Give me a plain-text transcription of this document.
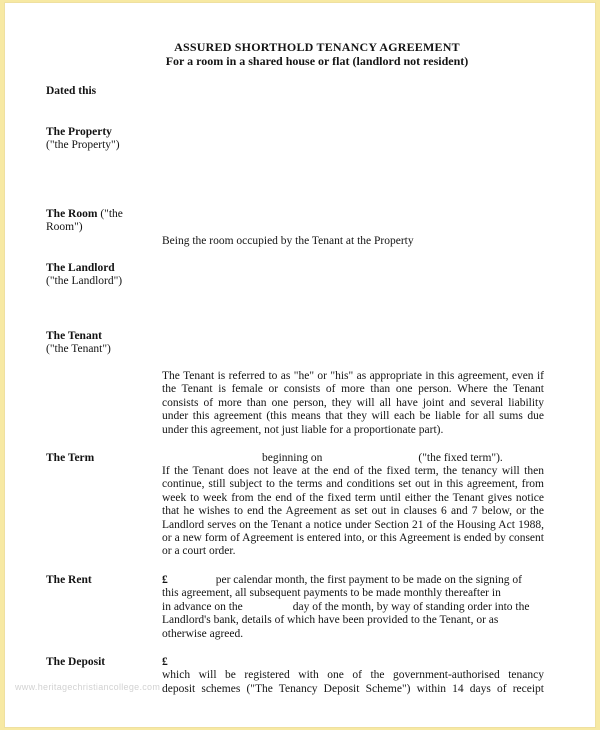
ASSURED SHORTHOLD TENANCY AGREEMENT
For a room in a shared house or flat (landlord not resident)
Dated this
The Property
("the Property")
The Room ("the
Room")
Being the room occupied by the Tenant at the Property
The Landlord
("the Landlord")
The Tenant
("the Tenant")
The Tenant is referred to as "he" or "his" as appropriate in this agreement, even if the Tenant is female or consists of more than one person. Where the Tenant consists of more than one person, they will all have joint and several liability under this agreement (this means that they will each be liable for all sums due under this agreement, not just liable for a proportionate part).
The Term	beginning on	("the fixed term").
If the Tenant does not leave at the end of the fixed term, the tenancy will then continue, still subject to the terms and conditions set out in this agreement, from week to week from the end of the fixed term until either the Tenant gives notice that he wishes to end the Agreement as set out in clauses 6 and 7 below, or the Landlord serves on the Tenant a notice under Section 21 of the Housing Act 1988, or a new form of Agreement is entered into, or this Agreement is ended by consent or a court order.
The Rent	£	per calendar month, the first payment to be made on the signing of
this agreement, all subsequent payments to be made monthly thereafter in
in advance on the	day of the month, by way of standing order into the
Landlord's bank, details of which have been provided to the Tenant, or as
otherwise agreed.
The Deposit	£
which will be registered with one of the government-authorised tenancy
deposit schemes ("The Tenancy Deposit Scheme") within 14 days of receipt
www.heritagechristiancollege.com
